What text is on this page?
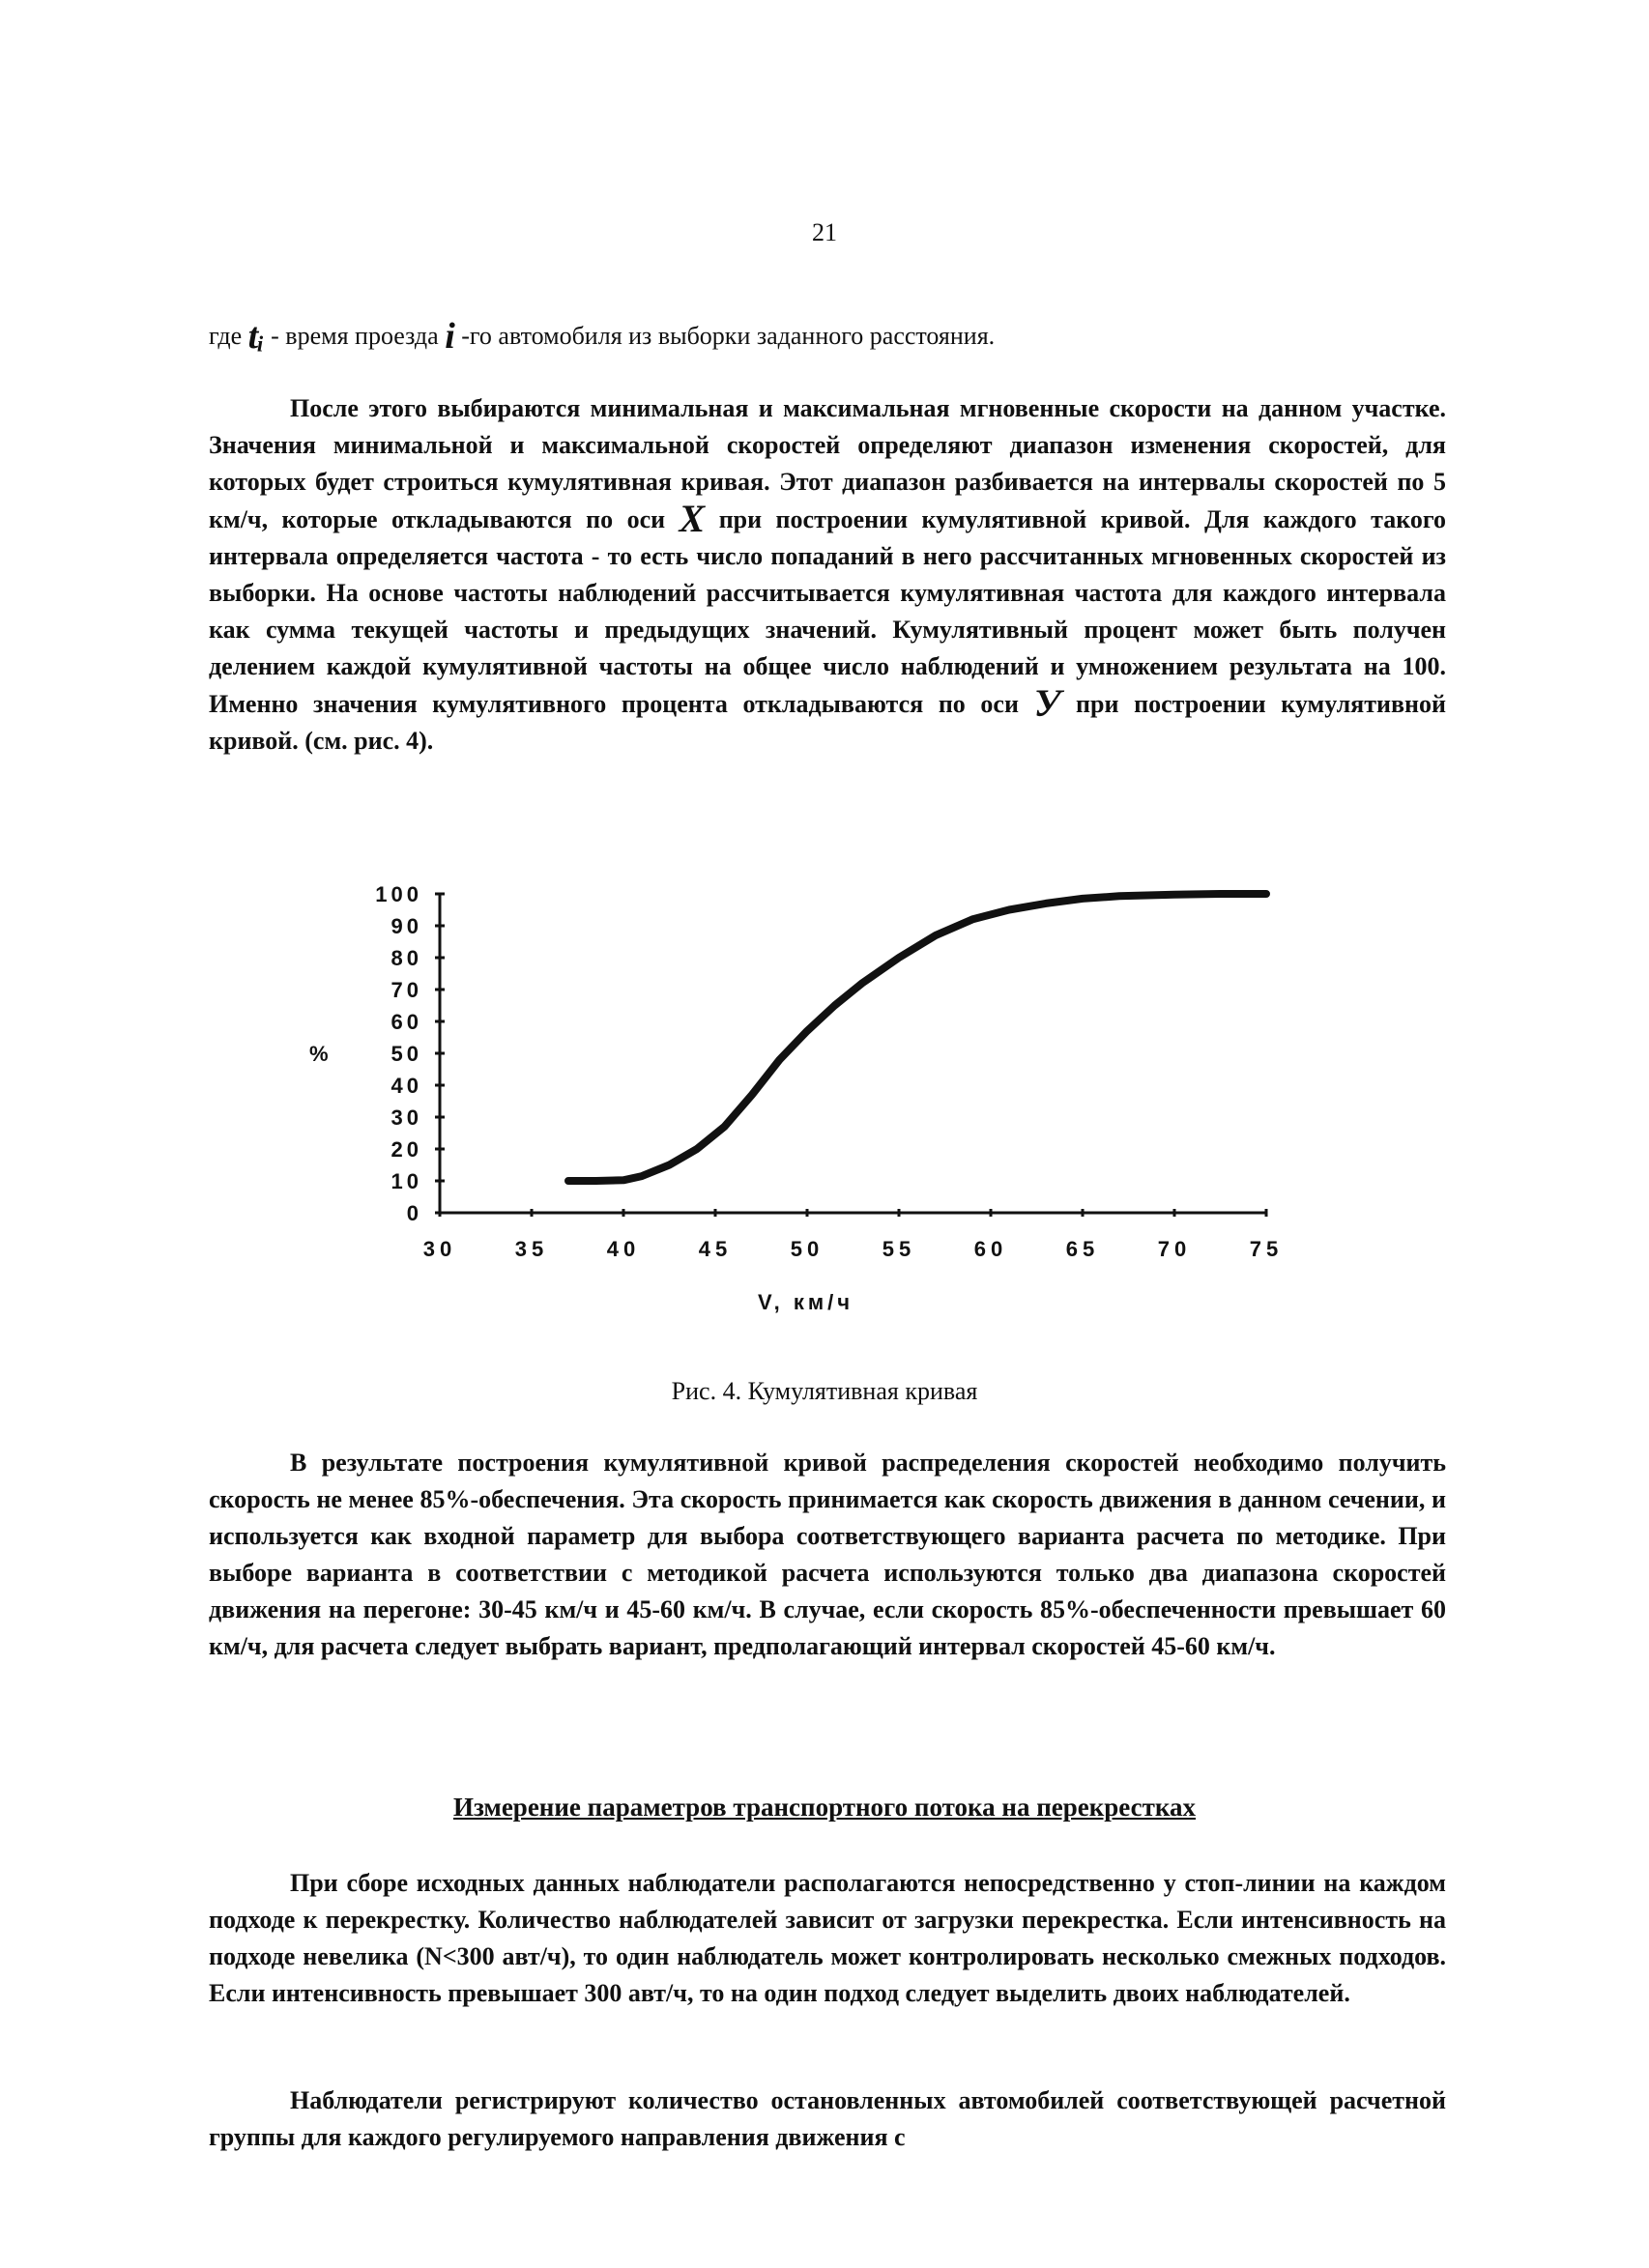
21
где tᵢ - время проезда i -го автомобиля из выборки заданного расстояния.

После этого выбираются минимальная и максимальная мгновенные скорости на данном участке. Значения минимальной и максимальной скоростей определяют диапазон изменения скоростей, для которых будет строиться кумулятивная кривая. Этот диапазон разбивается на интервалы скоростей по 5 км/ч, которые откладываются по оси X при построении кумулятивной кривой. Для каждого такого интервала определяется частота - то есть число попаданий в него рассчитанных мгновенных скоростей из выборки. На основе частоты наблюдений рассчитывается кумулятивная частота для каждого интервала как сумма текущей частоты и предыдущих значений. Кумулятивный процент может быть получен делением каждой кумулятивной частоты на общее число наблюдений и умножением результата на 100. Именно значения кумулятивного процента откладываются по оси У при построении кумулятивной кривой. (см. рис. 4).

30	35	40	45	50	55	60	65	70	75
100
90
80
70
60
50
40
30
20
10
0
V, км/ч
%
Рис. 4. Кумулятивная кривая

В результате построения кумулятивной кривой распределения скоростей необходимо получить скорость не менее 85%-обеспечения. Эта скорость принимается как скорость движения в данном сечении, и используется как входной параметр для выбора соответствующего варианта расчета по методике. При выборе варианта в соответствии с методикой расчета используются только два диапазона скоростей движения на перегоне: 30-45 км/ч и 45-60 км/ч. В случае, если скорость 85%-обеспеченности превышает 60 км/ч, для расчета следует выбрать вариант, предполагающий интервал скоростей 45-60 км/ч.

Измерение параметров транспортного потока на перекрестках

При сборе исходных данных наблюдатели располагаются непосредственно у стоп-линии на каждом подходе к перекрестку. Количество наблюдателей зависит от загрузки перекрестка. Если интенсивность на подходе невелика (N<300 авт/ч), то один наблюдатель может контролировать несколько смежных подходов. Если интенсивность превышает 300 авт/ч, то на один подход следует выделить двоих наблюдателей.

Наблюдатели регистрируют количество остановленных автомобилей соответствующей расчетной группы для каждого регулируемого направления движения с
